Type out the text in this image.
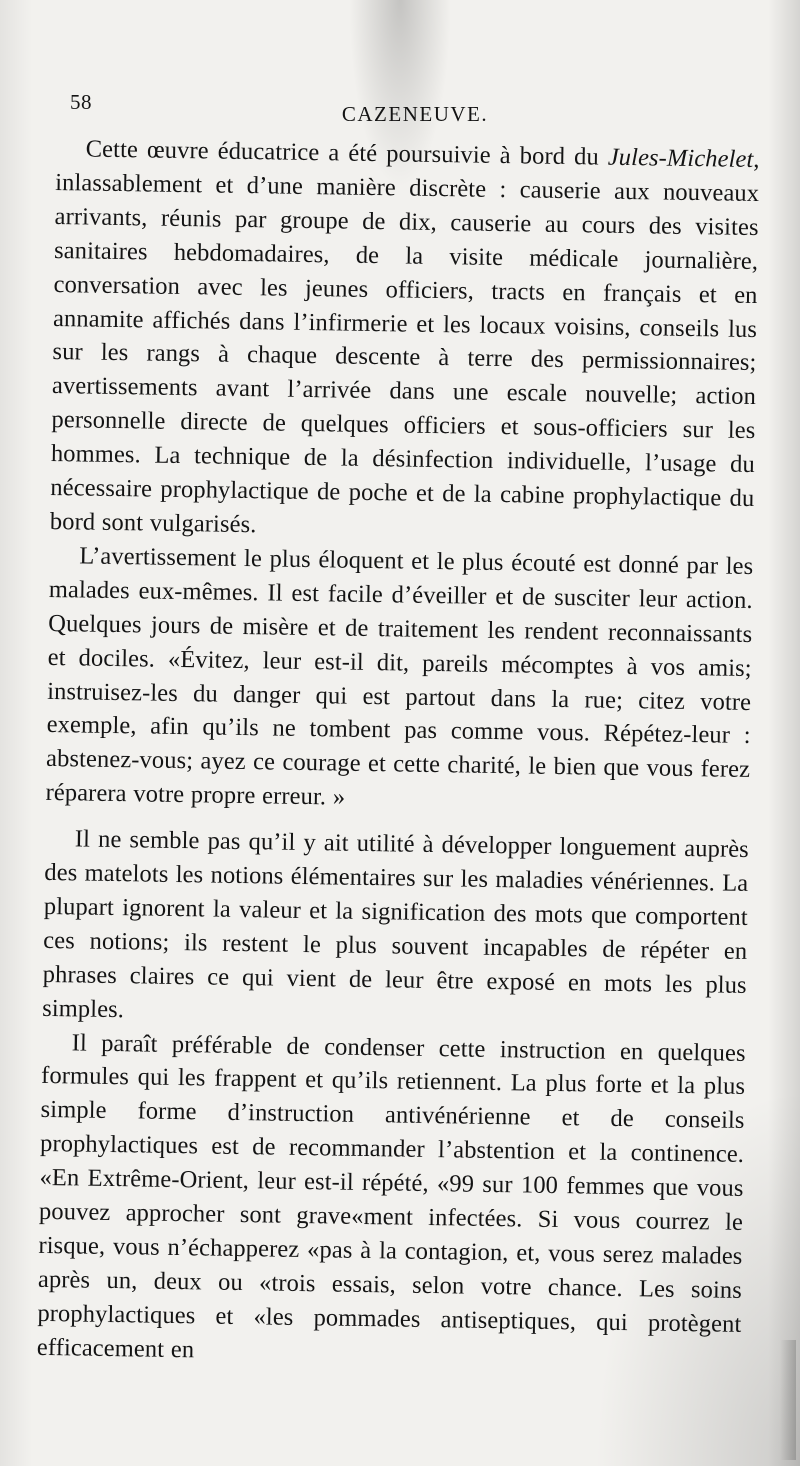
58	CAZENEUVE.

Cette œuvre éducatrice a été poursuivie à bord du Jules-Michelet, inlassablement et d’une manière discrète : causerie aux nouveaux arrivants, réunis par groupe de dix, causerie au cours des visites sanitaires hebdomadaires, de la visite médicale journalière, conversation avec les jeunes officiers, tracts en français et en annamite affichés dans l’infirmerie et les locaux voisins, conseils lus sur les rangs à chaque descente à terre des permissionnaires; avertissements avant l’arrivée dans une escale nouvelle; action personnelle directe de quelques officiers et sous-officiers sur les hommes. La technique de la désinfection individuelle, l’usage du nécessaire prophylactique de poche et de la cabine prophylactique du bord sont vulgarisés.

L’avertissement le plus éloquent et le plus écouté est donné par les malades eux-mêmes. Il est facile d’éveiller et de susciter leur action. Quelques jours de misère et de traitement les rendent reconnaissants et dociles. «Évitez, leur est-il dit, pareils mécomptes à vos amis; instruisez-les du danger qui est partout dans la rue; citez votre exemple, afin qu’ils ne tombent pas comme vous. Répétez-leur : abstenez-vous; ayez ce courage et cette charité, le bien que vous ferez réparera votre propre erreur. »

Il ne semble pas qu’il y ait utilité à développer longuement auprès des matelots les notions élémentaires sur les maladies vénériennes. La plupart ignorent la valeur et la signification des mots que comportent ces notions; ils restent le plus souvent incapables de répéter en phrases claires ce qui vient de leur être exposé en mots les plus simples.

Il paraît préférable de condenser cette instruction en quelques formules qui les frappent et qu’ils retiennent. La plus forte et la plus simple forme d’instruction antivénérienne et de conseils prophylactiques est de recommander l’abstention et la continence. «En Extrême-Orient, leur est-il répété, «99 sur 100 femmes que vous pouvez approcher sont grave«ment infectées. Si vous courrez le risque, vous n’échapperez «pas à la contagion, et, vous serez malades après un, deux ou «trois essais, selon votre chance. Les soins prophylactiques et «les pommades antiseptiques, qui protègent efficacement en
